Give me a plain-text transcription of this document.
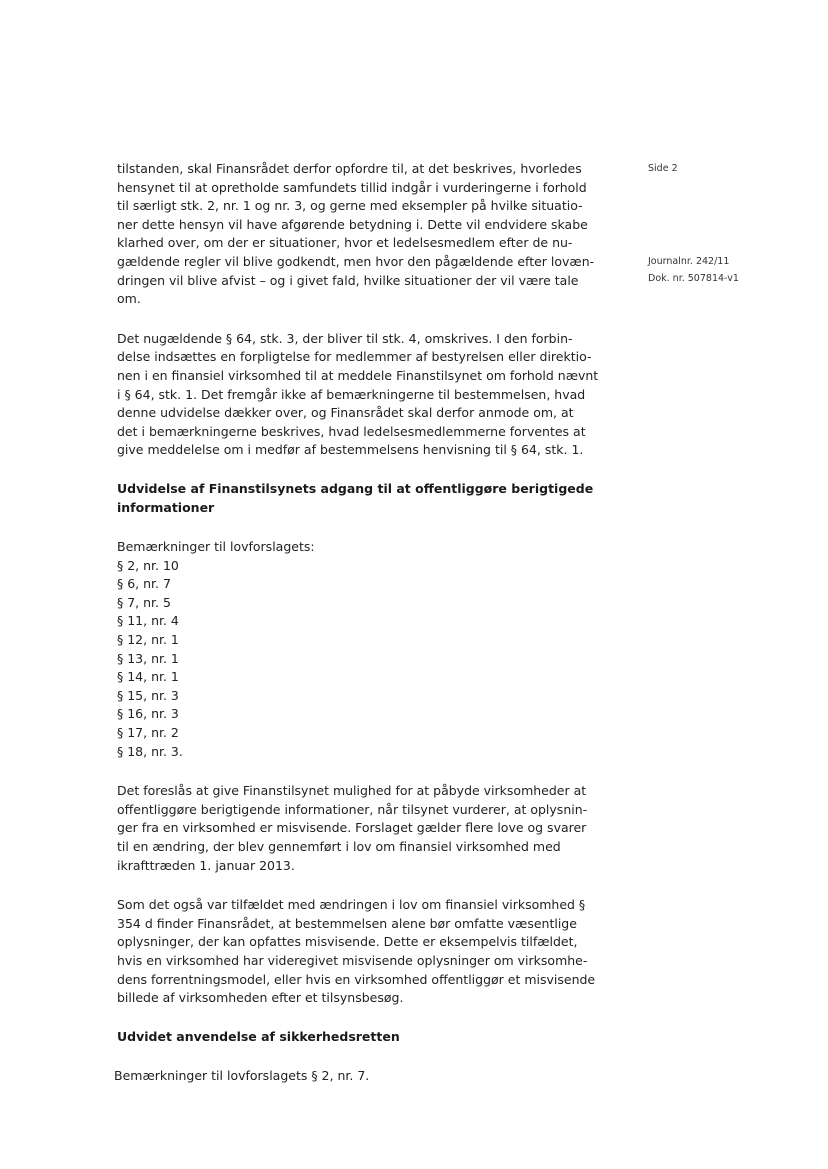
Side 2
Journalnr. 242/11
Dok. nr. 507814-v1

tilstanden, skal Finansrådet derfor opfordre til, at det beskrives, hvorledes
hensynet til at opretholde samfundets tillid indgår i vurderingerne i forhold
til særligt stk. 2, nr. 1 og nr. 3, og gerne med eksempler på hvilke situatio-
ner dette hensyn vil have afgørende betydning i. Dette vil endvidere skabe
klarhed over, om der er situationer, hvor et ledelsesmedlem efter de nu-
gældende regler vil blive godkendt, men hvor den pågældende efter lovæn-
dringen vil blive afvist – og i givet fald, hvilke situationer der vil være tale
om.

Det nugældende § 64, stk. 3, der bliver til stk. 4, omskrives. I den forbin-
delse indsættes en forpligtelse for medlemmer af bestyrelsen eller direktio-
nen i en finansiel virksomhed til at meddele Finanstilsynet om forhold nævnt
i § 64, stk. 1. Det fremgår ikke af bemærkningerne til bestemmelsen, hvad
denne udvidelse dækker over, og Finansrådet skal derfor anmode om, at
det i bemærkningerne beskrives, hvad ledelsesmedlemmerne forventes at
give meddelelse om i medfør af bestemmelsens henvisning til § 64, stk. 1.

Udvidelse af Finanstilsynets adgang til at offentliggøre berigtigede
informationer

Bemærkninger til lovforslagets:

§ 2, nr. 10
§ 6, nr. 7
§ 7, nr. 5
§ 11, nr. 4
§ 12, nr. 1
§ 13, nr. 1
§ 14, nr. 1
§ 15, nr. 3
§ 16, nr. 3
§ 17, nr. 2
§ 18, nr. 3.

Det foreslås at give Finanstilsynet mulighed for at påbyde virksomheder at
offentliggøre berigtigende informationer, når tilsynet vurderer, at oplysnin-
ger fra en virksomhed er misvisende. Forslaget gælder flere love og svarer
til en ændring, der blev gennemført i lov om finansiel virksomhed med
ikrafttræden 1. januar 2013.

Som det også var tilfældet med ændringen i lov om finansiel virksomhed §
354 d finder Finansrådet, at bestemmelsen alene bør omfatte væsentlige
oplysninger, der kan opfattes misvisende. Dette er eksempelvis tilfældet,
hvis en virksomhed har videregivet misvisende oplysninger om virksomhe-
dens forrentningsmodel, eller hvis en virksomhed offentliggør et misvisende
billede af virksomheden efter et tilsynsbesøg.

Udvidet anvendelse af sikkerhedsretten

Bemærkninger til lovforslagets § 2, nr. 7.
